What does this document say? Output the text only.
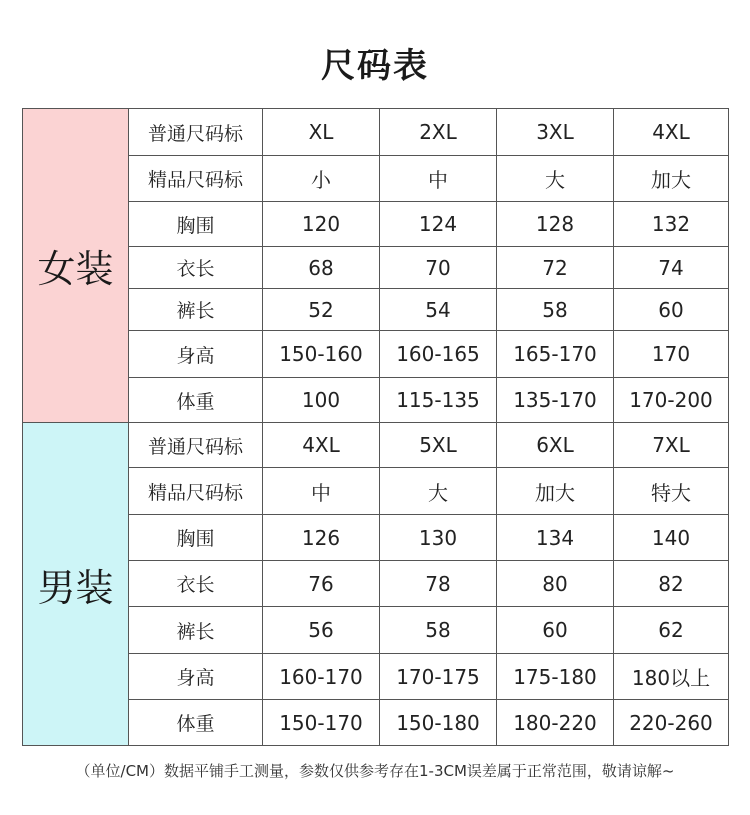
尺码表
女装	普通尺码标	XL	2XL	3XL	4XL
	精品尺码标	小	中	大	加大
	胸围	120	124	128	132
	衣长	68	70	72	74
	裤长	52	54	58	60
	身高	150-160	160-165	165-170	170
	体重	100	115-135	135-170	170-200
男装	普通尺码标	4XL	5XL	6XL	7XL
	精品尺码标	中	大	加大	特大
	胸围	126	130	134	140
	衣长	76	78	80	82
	裤长	56	58	60	62
	身高	160-170	170-175	175-180	180以上
	体重	150-170	150-180	180-220	220-260
（单位/CM）数据平铺手工测量，参数仅供参考存在1-3CM误差属于正常范围，敬请谅解~
